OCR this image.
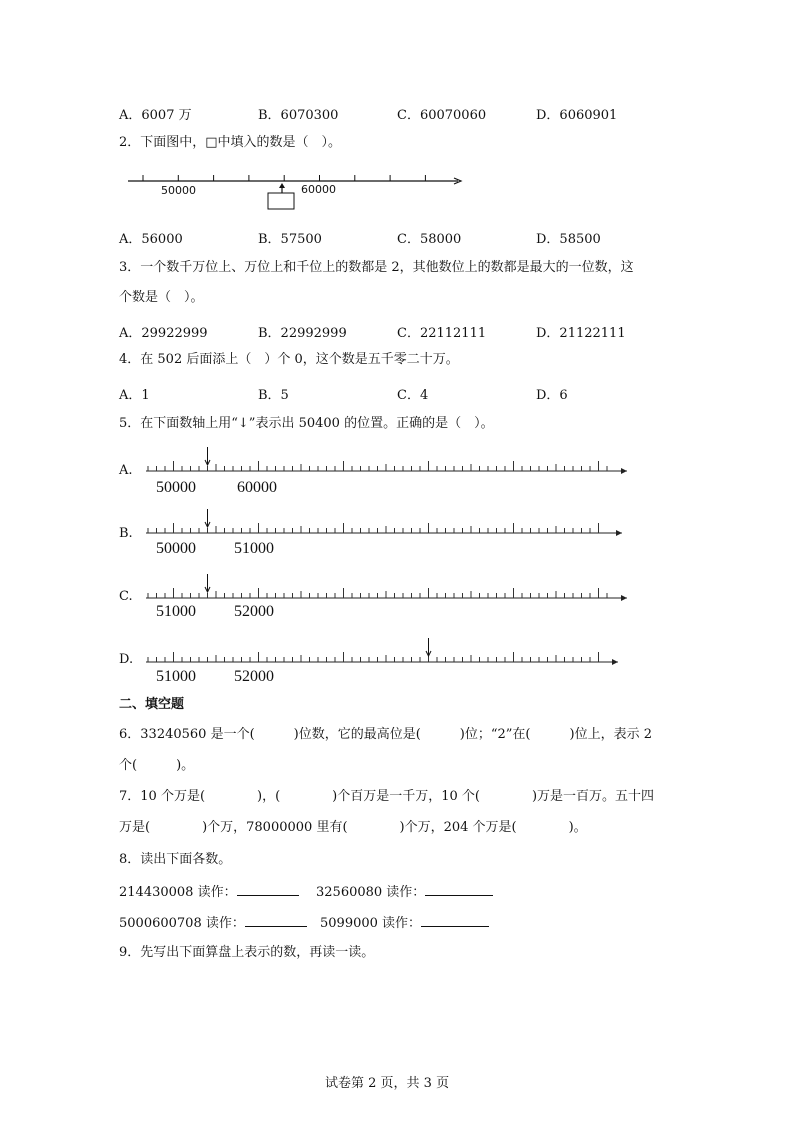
A．6007 万	B．6070300	C．60070060	D．6060901
2．下面图中，□中填入的数是（　）。
50000	60000
A．56000	B．57500	C．58000	D．58500
3．一个数千万位上、万位上和千位上的数都是 2，其他数位上的数都是最大的一位数，这
个数是（　）。
A．29922999	B．22992999	C．22112111	D．21122111
4．在 502 后面添上（　）个 0，这个数是五千零二十万。
A．1	B．5	C．4	D．6
5．在下面数轴上用“↓”表示出 50400 的位置。正确的是（　）。
A.
50000	60000
B.
50000 51000
C.
51000 52000
D.
51000 52000
二、填空题
6．33240560 是一个(　　　)位数，它的最高位是(　　　)位；“2”在(　　　)位上，表示 2
个(　　　)。
7．10 个万是(　　　　)，(　　　　)个百万是一千万，10 个(　　　　)万是一百万。五十四
万是(　　　　)个万，78000000 里有(　　　　)个万，204 个万是(　　　　)。
8．读出下面各数。
214430008 读作：	32560080 读作：
5000600708 读作：	5099000 读作：
9．先写出下面算盘上表示的数，再读一读。
试卷第 2 页，共 3 页
